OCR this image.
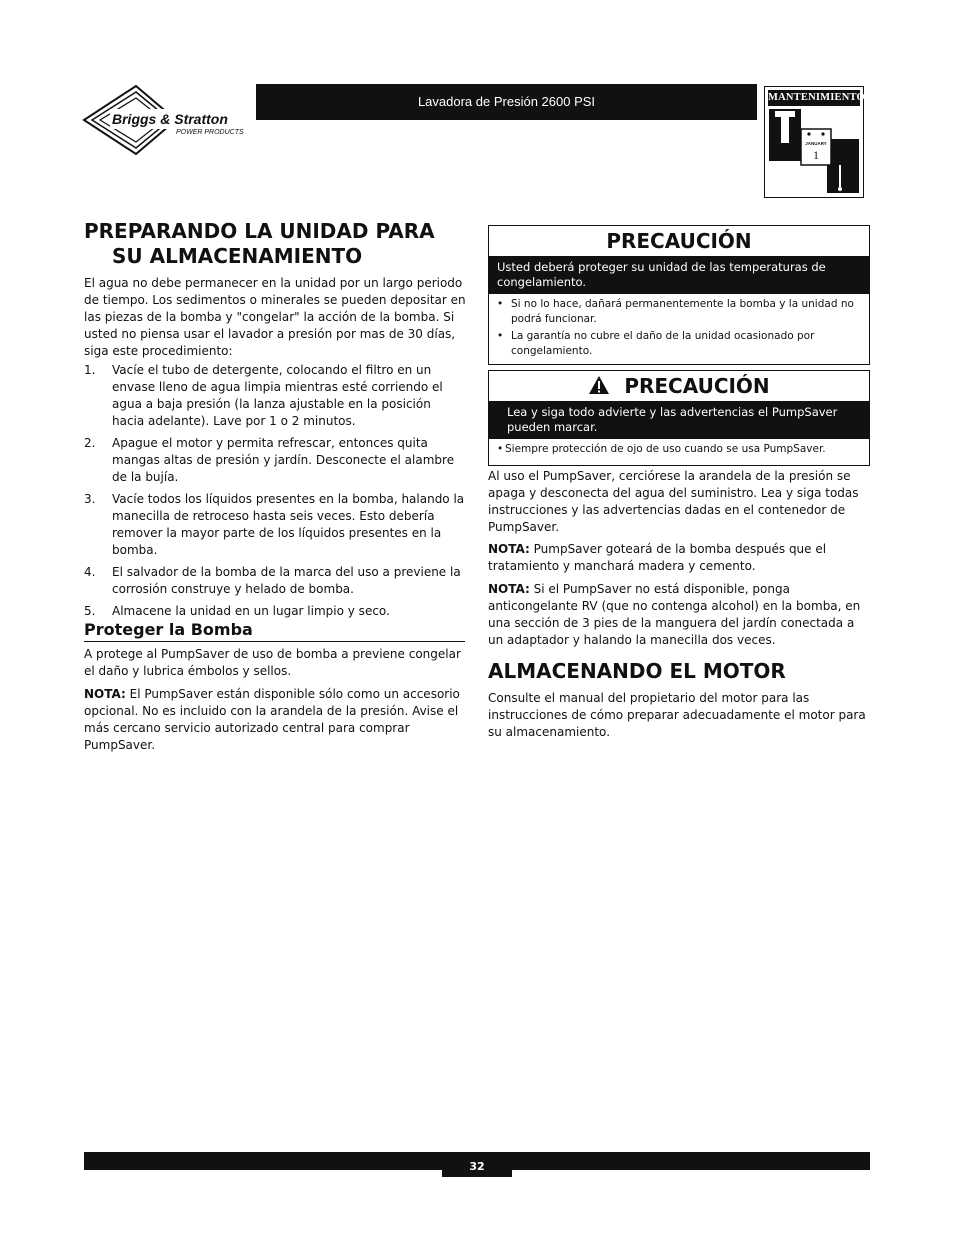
Briggs & Stratton
POWER PRODUCTS
Lavadora de Presión 2600 PSI	MANTENIMIENTO
JANUARY
1
PREPARANDO LA UNIDAD PARA
SU ALMACENAMIENTO

El agua no debe permanecer en la unidad por un largo periodo de tiempo. Los sedimentos o minerales se pueden depositar en las piezas de la bomba y "congelar" la acción de la bomba. Si usted no piensa usar el lavador a presión por mas de 30 días, siga este procedimiento:

1. Vacíe el tubo de detergente, colocando el filtro en un envase lleno de agua limpia mientras esté corriendo el agua a baja presión (la lanza ajustable en la posición hacia adelante). Lave por 1 o 2 minutos.
2. Apague el motor y permita refrescar, entonces quita mangas altas de presión y jardín. Desconecte el alambre de la bujía.
3. Vacíe todos los líquidos presentes en la bomba, halando la manecilla de retroceso hasta seis veces. Esto debería remover la mayor parte de los líquidos presentes en la bomba.
4. El salvador de la bomba de la marca del uso a previene la corrosión construye y helado de bomba.
5. Almacene la unidad en un lugar limpio y seco.
Proteger la Bomba

A protege al PumpSaver de uso de bomba a previene congelar el daño y lubrica émbolos y sellos.

NOTA: El PumpSaver están disponible sólo como un accesorio opcional. No es incluido con la arandela de la presión. Avise el más cercano servicio autorizado central para comprar PumpSaver.

PRECAUCIÓN
Usted deberá proteger su unidad de las temperaturas de congelamiento.
• Si no lo hace, dañará permanentemente la bomba y la unidad no podrá funcionar.
• La garantía no cubre el daño de la unidad ocasionado por congelamiento.
PRECAUCIÓN
Lea y siga todo advierte y las advertencias el PumpSaver pueden marcar.
• Siempre protección de ojo de uso cuando se usa PumpSaver.

Al uso el PumpSaver, cerciórese la arandela de la presión se apaga y desconecta del agua del suministro. Lea y siga todas instrucciones y las advertencias dadas en el contenedor de PumpSaver.

NOTA: PumpSaver goteará de la bomba después que el tratamiento y manchará madera y cemento.

NOTA: Si el PumpSaver no está disponible, ponga anticongelante RV (que no contenga alcohol) en la bomba, en una sección de 3 pies de la manguera del jardín conectada a un adaptador y halando la manecilla dos veces.

ALMACENANDO EL MOTOR

Consulte el manual del propietario del motor para las instrucciones de cómo preparar adecuadamente el motor para su almacenamiento.

32
